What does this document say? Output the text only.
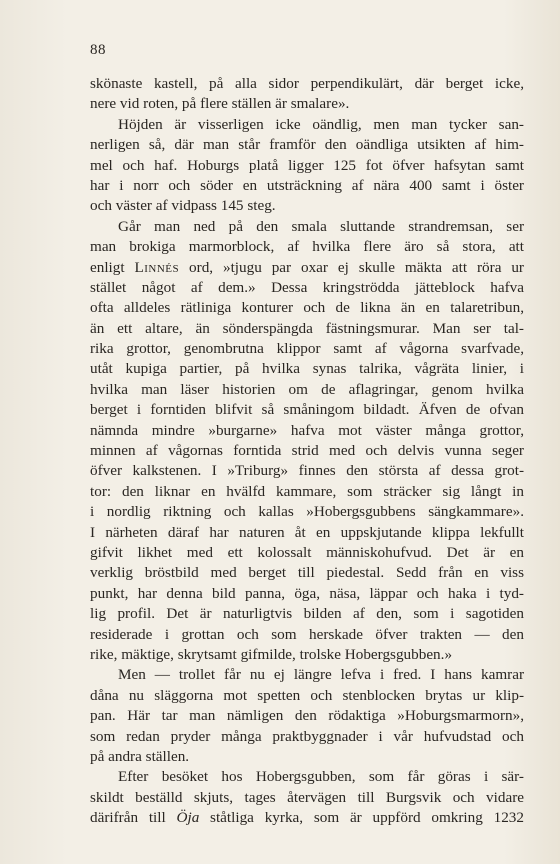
88
skönaste kastell, på alla sidor perpendikulärt, där berget icke,
nere vid roten, på flere ställen är smalare».
Höjden är visserligen icke oändlig, men man tycker san-
nerligen så, där man står framför den oändliga utsikten af him-
mel och haf. Hoburgs platå ligger 125 fot öfver hafsytan samt
har i norr och söder en utsträckning af nära 400 samt i öster
och väster af vidpass 145 steg.
Går man ned på den smala sluttande strandremsan, ser
man brokiga marmorblock, af hvilka flere äro så stora, att
enligt Linnés ord, »tjugu par oxar ej skulle mäkta att röra ur
stället något af dem.» Dessa kringströdda jätteblock hafva
ofta alldeles rätliniga konturer och de likna än en talaretribun,
än ett altare, än sönderspängda fästningsmurar. Man ser tal-
rika grottor, genombrutna klippor samt af vågorna svarfvade,
utåt kupiga partier, på hvilka synas talrika, vågräta linier, i
hvilka man läser historien om de aflagringar, genom hvilka
berget i forntiden blifvit så småningom bildadt. Äfven de ofvan
nämnda mindre »burgarne» hafva mot väster många grottor,
minnen af vågornas forntida strid med och delvis vunna seger
öfver kalkstenen. I »Triburg» finnes den största af dessa grot-
tor: den liknar en hvälfd kammare, som sträcker sig långt in
i nordlig riktning och kallas »Hobergsgubbens sängkammare».
I närheten däraf har naturen åt en uppskjutande klippa lekfullt
gifvit likhet med ett kolossalt människohufvud. Det är en
verklig bröstbild med berget till piedestal. Sedd från en viss
punkt, har denna bild panna, öga, näsa, läppar och haka i tyd-
lig profil. Det är naturligtvis bilden af den, som i sagotiden
residerade i grottan och som herskade öfver trakten — den
rike, mäktige, skrytsamt gifmilde, trolske Hobergsgubben.»
Men — trollet får nu ej längre lefva i fred. I hans kamrar
dåna nu släggorna mot spetten och stenblocken brytas ur klip-
pan. Här tar man nämligen den rödaktiga »Hoburgsmarmorn»,
som redan pryder många praktbyggnader i vår hufvudstad och
på andra ställen.
Efter besöket hos Hobergsgubben, som får göras i sär-
skildt beställd skjuts, tages återvägen till Burgsvik och vidare
därifrån till Öja ståtliga kyrka, som är uppförd omkring 1232
